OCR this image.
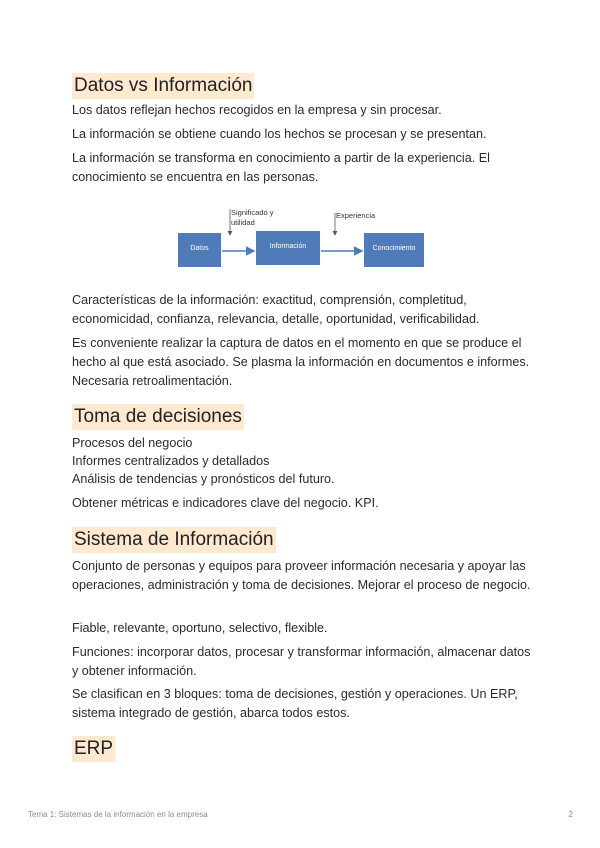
Datos vs Información

Los datos reflejan hechos recogidos en la empresa y sin procesar.

La información se obtiene cuando los hechos se procesan y se presentan.

La información se transforma en conocimiento a partir de la experiencia. El conocimiento se encuentra en las personas.

Características de la información: exactitud, comprensión, completitud, economicidad, confianza, relevancia, detalle, oportunidad, verificabilidad.

Es conveniente realizar la captura de datos en el momento en que se produce el hecho al que está asociado. Se plasma la información en documentos e informes. Necesaria retroalimentación.

Toma de decisiones

Procesos del negocio

Informes centralizados y detallados

Análisis de tendencias y pronósticos del futuro.

Obtener métricas e indicadores clave del negocio. KPI.

Sistema de Información

Conjunto de personas y equipos para proveer información necesaria y apoyar las operaciones, administración y toma de decisiones. Mejorar el proceso de negocio.

Fiable, relevante, oportuno, selectivo, flexible.

Funciones: incorporar datos, procesar y transformar información, almacenar datos y obtener información.

Se clasifican en 3 bloques: toma de decisiones, gestión y operaciones. Un ERP, sistema integrado de gestión, abarca todos estos.

ERP
Datos	Información	Conocimiento
Significado y utilidad
Experiencia
Tema 1: Sistemas de la información en la empresa	2
